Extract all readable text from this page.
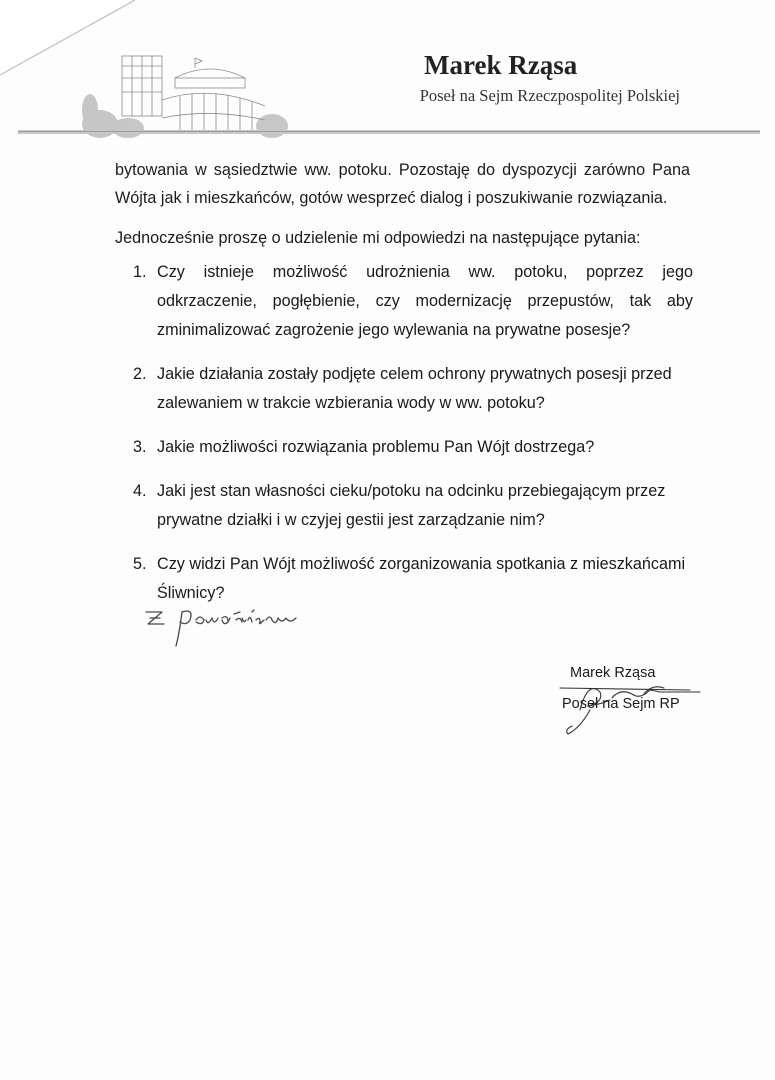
Marek Rząsa
Poseł na Sejm Rzeczpospolitej Polskiej
bytowania w sąsiedztwie ww. potoku. Pozostaję do dyspozycji zarówno Pana Wójta jak i mieszkańców, gotów wesprzeć dialog i poszukiwanie rozwiązania.
Jednocześnie proszę o udzielenie mi odpowiedzi na następujące pytania:
1. Czy istnieje możliwość udrożnienia ww. potoku, poprzez jego odkrzaczenie, pogłębienie, czy modernizację przepustów, tak aby zminimalizować zagrożenie jego wylewania na prywatne posesje?
2. Jakie działania zostały podjęte celem ochrony prywatnych posesji przed zalewaniem w trakcie wzbierania wody w ww. potoku?
3. Jakie możliwości rozwiązania problemu Pan Wójt dostrzega?
4. Jaki jest stan własności cieku/potoku na odcinku przebiegającym przez prywatne działki i w czyjej gestii jest zarządzanie nim?
5. Czy widzi Pan Wójt możliwość zorganizowania spotkania z mieszkańcami Śliwnicy?
Marek Rząsa
Poseł na Sejm RP
